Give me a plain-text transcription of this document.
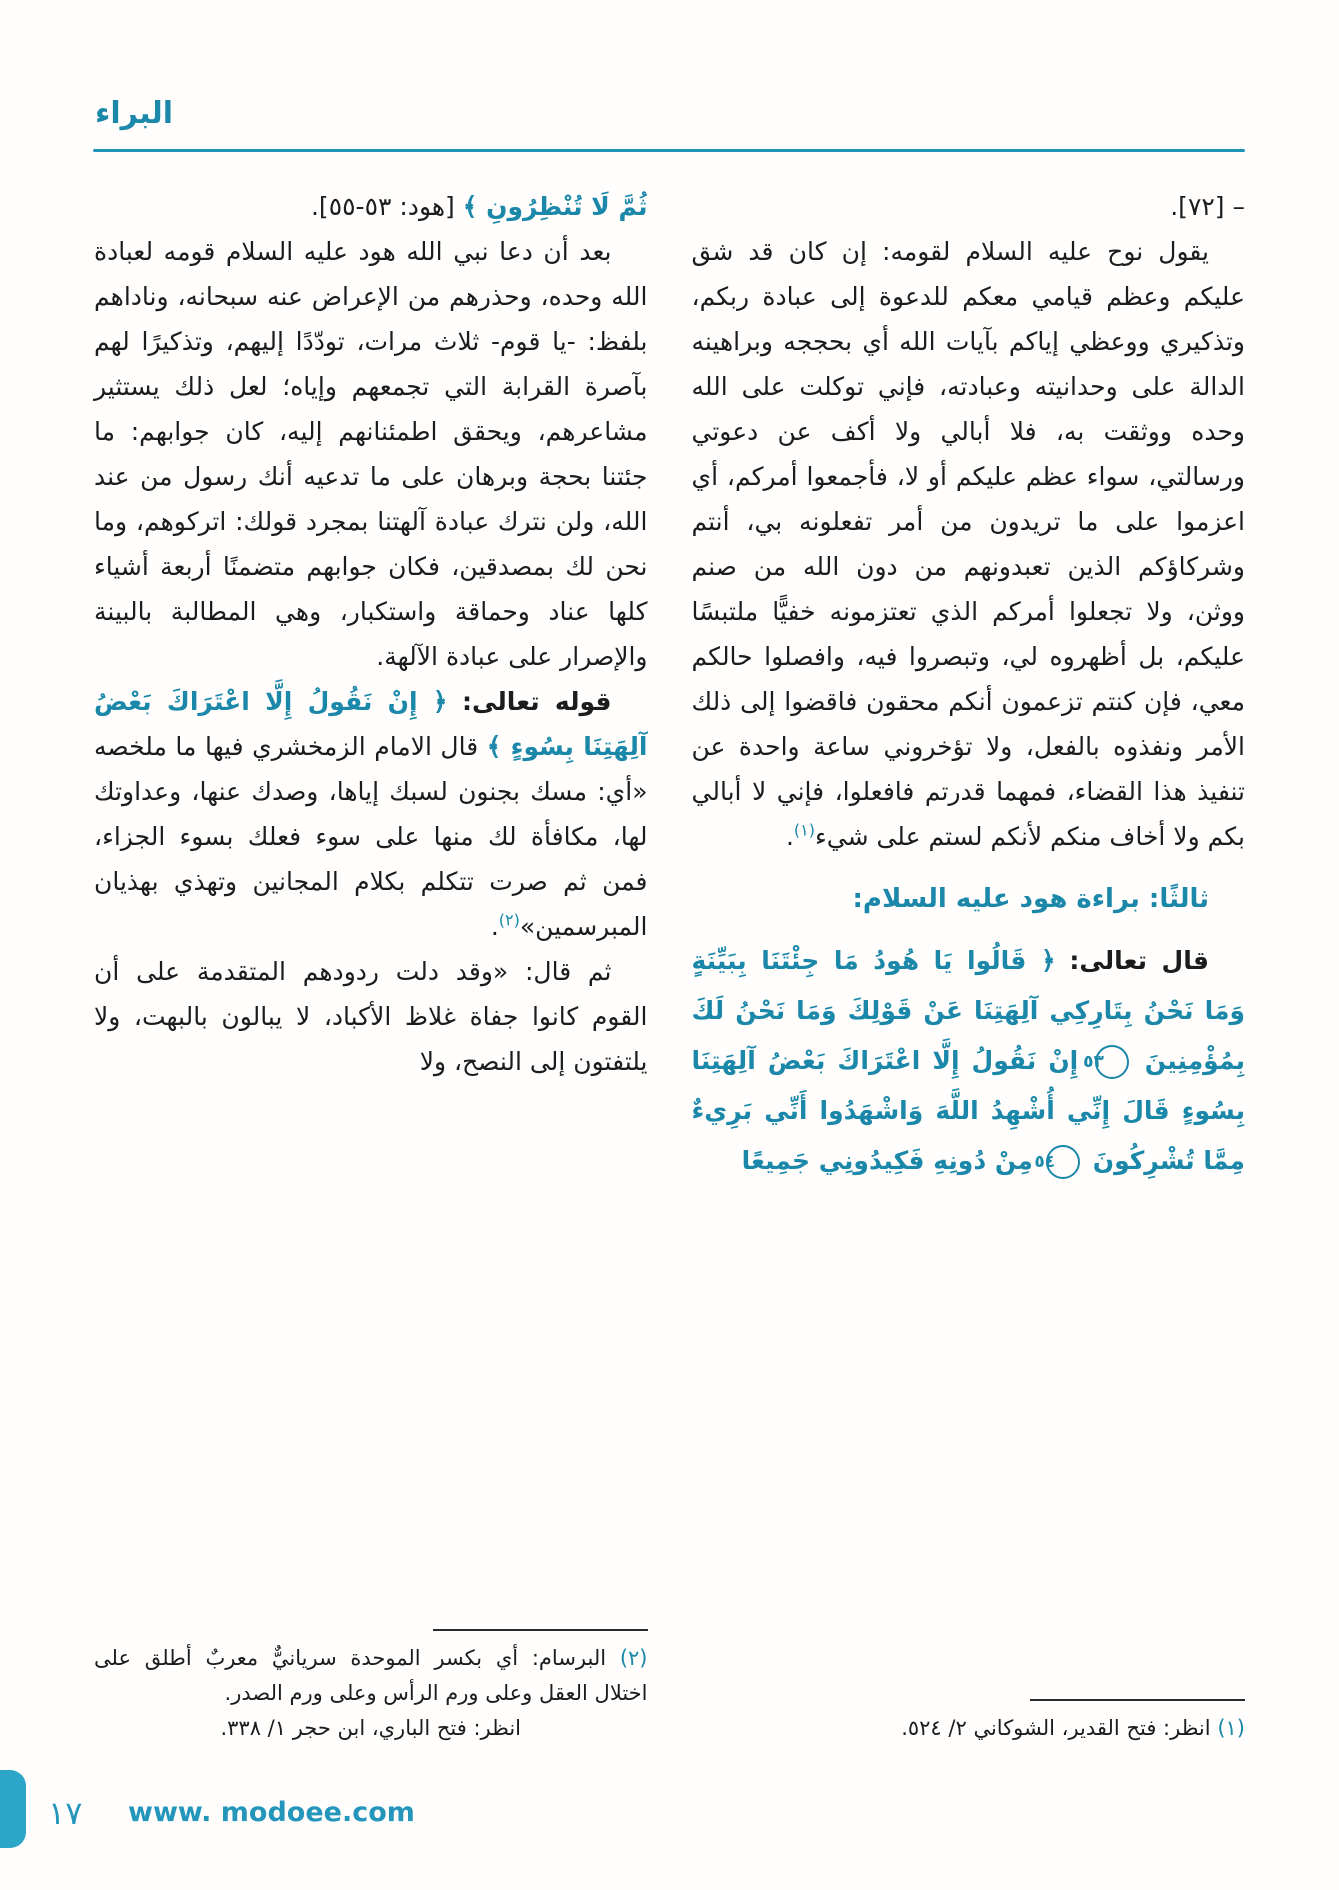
البراء

– [٧٢].

يقول نوح عليه السلام لقومه: إن كان قد شق عليكم وعظم قيامي معكم للدعوة إلى عبادة ربكم، وتذكيري ووعظي إياكم بآيات الله أي بحججه وبراهينه الدالة على وحدانيته وعبادته، فإني توكلت على الله وحده ووثقت به، فلا أبالي ولا أكف عن دعوتي ورسالتي، سواء عظم عليكم أو لا، فأجمعوا أمركم، أي اعزموا على ما تريدون من أمر تفعلونه بي، أنتم وشركاؤكم الذين تعبدونهم من دون الله من صنم ووثن، ولا تجعلوا أمركم الذي تعتزمونه خفيًّا ملتبسًا عليكم، بل أظهروه لي، وتبصروا فيه، وافصلوا حالكم معي، فإن كنتم تزعمون أنكم محقون فاقضوا إلى ذلك الأمر ونفذوه بالفعل، ولا تؤخروني ساعة واحدة عن تنفيذ هذا القضاء، فمهما قدرتم فافعلوا، فإني لا أبالي بكم ولا أخاف منكم لأنكم لستم على شيء$^{(١)}$.

ثالثًا: براءة هود عليه السلام:

قال تعالى: ﴿ قَالُوا يَا هُودُ مَا جِئْتَنَا بِبَيِّنَةٍ وَمَا نَحْنُ بِتَارِكِي آلِهَتِنَا عَنْ قَوْلِكَ وَمَا نَحْنُ لَكَ بِمُؤْمِنِينَ ٥٣ إِنْ نَقُولُ إِلَّا اعْتَرَاكَ بَعْضُ آلِهَتِنَا بِسُوءٍ قَالَ إِنِّي أُشْهِدُ اللَّهَ وَاشْهَدُوا أَنِّي بَرِيءٌ مِمَّا تُشْرِكُونَ ٥٤ مِنْ دُونِهِ فَكِيدُونِي جَمِيعًا

(١) انظر: فتح القدير، الشوكاني ٢/ ٥٢٤.

ثُمَّ لَا تُنْظِرُونِ ﴾ [هود: ٥٣-٥٥].

بعد أن دعا نبي الله هود عليه السلام قومه لعبادة الله وحده، وحذرهم من الإعراض عنه سبحانه، وناداهم بلفظ: -يا قوم- ثلاث مرات، تودّدًا إليهم، وتذكيرًا لهم بآصرة القرابة التي تجمعهم وإياه؛ لعل ذلك يستثير مشاعرهم، ويحقق اطمئنانهم إليه، كان جوابهم: ما جئتنا بحجة وبرهان على ما تدعيه أنك رسول من عند الله، ولن نترك عبادة آلهتنا بمجرد قولك: اتركوهم، وما نحن لك بمصدقين، فكان جوابهم متضمنًا أربعة أشياء كلها عناد وحماقة واستكبار، وهي المطالبة بالبينة والإصرار على عبادة الآلهة.

قوله تعالى: ﴿ إِنْ نَقُولُ إِلَّا اعْتَرَاكَ بَعْضُ آلِهَتِنَا بِسُوءٍ ﴾ قال الامام الزمخشري فيها ما ملخصه «أي: مسك بجنون لسبك إياها، وصدك عنها، وعداوتك لها، مكافأة لك منها على سوء فعلك بسوء الجزاء، فمن ثم صرت تتكلم بكلام المجانين وتهذي بهذيان المبرسمين»$^{(٢)}$.

ثم قال: «وقد دلت ردودهم المتقدمة على أن القوم كانوا جفاة غلاظ الأكباد، لا يبالون بالبهت، ولا يلتفتون إلى النصح، ولا

(٢) البرسام: أي بكسر الموحدة سريانيٌّ معربٌ أطلق على اختلال العقل وعلى ورم الرأس وعلى ورم الصدر.

انظر: فتح الباري، ابن حجر ١/ ٣٣٨.

١٧ www. modoee.com
